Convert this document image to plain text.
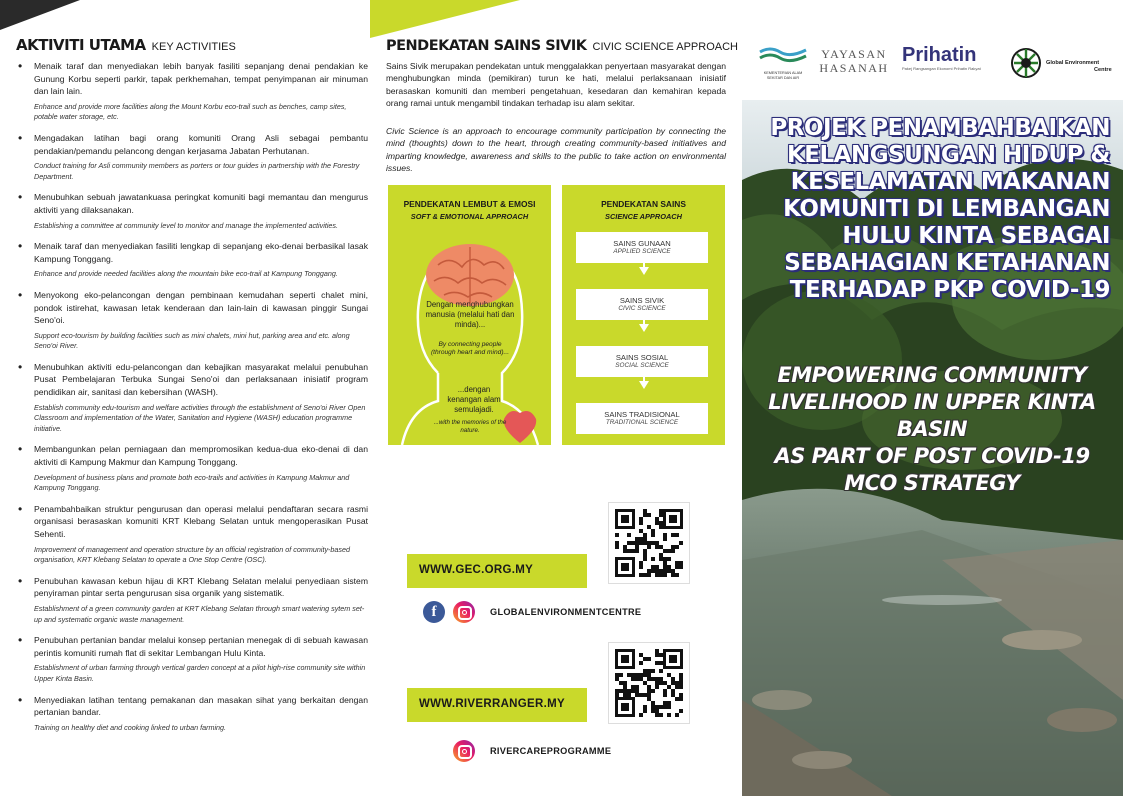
AKTIVITI UTAMA KEY ACTIVITIES
• Menaik taraf dan menyediakan lebih banyak fasiliti sepanjang denai pendakian ke Gunung Korbu seperti parkir, tapak perkhemahan, tempat penyimpanan air minuman dan lain lain.
Enhance and provide more facilities along the Mount Korbu eco-trail such as benches, camp sites, potable water storage, etc.
• Mengadakan latihan bagi orang komuniti Orang Asli sebagai pembantu pendakian/pemandu pelancong dengan kerjasama Jabatan Perhutanan.
Conduct training for Asli community members as porters or tour guides in partnership with the Forestry Department.
• Menubuhkan sebuah jawatankuasa peringkat komuniti bagi memantau dan mengurus aktiviti yang dilaksanakan.
Establishing a committee at community level to monitor and manage the implemented activities.
• Menaik taraf dan menyediakan fasiliti lengkap di sepanjang eko-denai berbasikal lasak Kampung Tonggang.
Enhance and provide needed facilities along the mountain bike eco-trail at Kampung Tonggang.
• Menyokong eko-pelancongan dengan pembinaan kemudahan seperti chalet mini, pondok istirehat, kawasan letak kenderaan dan lain-lain di kawasan pinggir Sungai Seno'oi.
Support eco-tourism by building facilities such as mini chalets, mini hut, parking area and etc. along Seno'oi River.
• Menubuhkan aktiviti edu-pelancongan dan kebajikan masyarakat melalui penubuhan Pusat Pembelajaran Terbuka Sungai Seno'oi dan perlaksanaan inisiatif program pendidikan air, sanitasi dan kebersihan (WASH).
Establish community edu-tourism and welfare activities through the establishment of Seno'oi River Open Classroom and implementation of the Water, Sanitation and Hygiene (WASH) education programme initiative.
• Membangunkan pelan perniagaan dan mempromosikan kedua-dua eko-denai di dan aktiviti di Kampung Makmur dan Kampung Tonggang.
Development of business plans and promote both eco-trails and activities in Kampung Makmur and Kampung Tonggang.
• Penambahbaikan struktur pengurusan dan operasi melalui pendaftaran secara rasmi organisasi berasaskan komuniti KRT Klebang Selatan untuk mengoperasikan Pusat Sehenti.
Improvement of management and operation structure by an official registration of community-based organisation, KRT Klebang Selatan to operate a One Stop Centre (OSC).
• Penubuhan kawasan kebun hijau di KRT Klebang Selatan melalui penyediaan sistem penyiraman pintar serta pengurusan sisa organik yang sistematik.
Establishment of a green community garden at KRT Klebang Selatan through smart watering sytem set-up and systematic organic waste management.
• Penubuhan pertanian bandar melalui konsep pertanian menegak di di sebuah kawasan perintis komuniti rumah flat di sekitar Lembangan Hulu Kinta.
Establishment of urban farming through vertical garden concept at a pilot high-rise community site within Upper Kinta Basin.
• Menyediakan latihan tentang pemakanan dan masakan sihat yang berkaitan dengan pertanian bandar.
Training on healthy diet and cooking linked to urban farming.
PENDEKATAN SAINS SIVIK CIVIC SCIENCE APPROACH
Sains Sivik merupakan pendekatan untuk menggalakkan penyertaan masyarakat dengan menghubungkan minda (pemikiran) turun ke hati, melalui perlaksanaan inisiatif berasaskan komuniti dan memberi pengetahuan, kesedaran dan kemahiran kepada orang ramai untuk mengambil tindakan terhadap isu alam sekitar.
Civic Science is an approach to encourage community participation by connecting the mind (thoughts) down to the heart, through creating community-based initiatives and imparting knowledge, awareness and skills to the public to take action on environmental issues.
PENDEKATAN LEMBUT & EMOSI
SOFT & EMOTIONAL APPROACH
Dengan menghubungkan manusia (melalui hati dan minda)...
By connecting people (through heart and mind)...
...dengan kenangan alam semulajadi.
...with the memories of the nature.
PENDEKATAN SAINS
SCIENCE APPROACH
SAINS GUNAAN
APPLIED SCIENCE
SAINS SIVIK
CIVIC SCIENCE
SAINS SOSIAL
SOCIAL SCIENCE
SAINS TRADISIONAL
TRADITIONAL SCIENCE
WWW.GEC.ORG.MY
f	GLOBALENVIRONMENTCENTRE
WWW.RIVERRANGER.MY
RIVERCAREPROGRAMME
KEMENTERIAN ALAM SEKITAR DAN AIR
YAYASAN
HASANAH
Prihatin
Pakej Rangsangan Ekonomi Prihatin Rakyat
Global Environment
Centre
PROJEK PENAMBAHBAIKAN
KELANGSUNGAN HIDUP &
KESELAMATAN MAKANAN
KOMUNITI DI LEMBANGAN
HULU KINTA SEBAGAI
SEBAHAGIAN KETAHANAN
TERHADAP PKP COVID-19
EMPOWERING COMMUNITY
LIVELIHOOD IN UPPER KINTA BASIN
AS PART OF POST COVID-19
MCO STRATEGY
